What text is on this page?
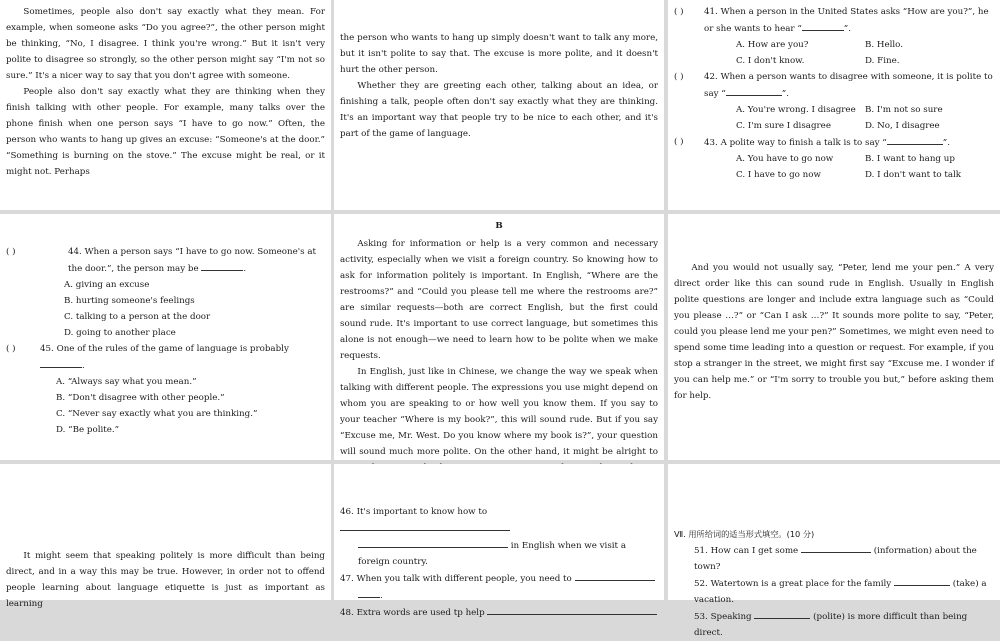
Sometimes, people also don't say exactly what they mean. For example, when someone asks “Do you agree?”, the other person might be thinking, “No, I disagree. I think you're wrong.” But it isn't very polite to disagree so strongly, so the other person might say “I'm not so sure.” It's a nicer way to say that you don't agree with someone.

People also don't say exactly what they are thinking when they finish talking with other people. For example, many talks over the phone finish when one person says “I have to go now.” Often, the person who wants to hang up gives an excuse: “Someone's at the door.” “Something is burning on the stove.” The excuse might be real, or it might not. Perhaps

the person who wants to hang up simply doesn't want to talk any more, but it isn't polite to say that. The excuse is more polite, and it doesn't hurt the other person.

Whether they are greeting each other, talking about an idea, or finishing a talk, people often don't say exactly what they are thinking. It's an important way that people try to be nice to each other, and it's part of the game of language.

( )	41. When a person in the United States asks “How are you?”, he or she wants to hear “	”.
A. How are you?	B. Hello.
C. I don't know.	D. Fine.
( )	42. When a person wants to disagree with someone, it is polite to say “	”.
A. You're wrong. I disagree	B. I'm not so sure
C. I'm sure I disagree	D. No, I disagree
( )	43. A polite way to finish a talk is to say “	”.
A. You have to go now	B. I want to hang up
C. I have to go now	D. I don't want to talk
( )	44. When a person says “I have to go now. Someone's at the door.”, the person may be	.
A. giving an excuse
B. hurting someone's feelings
C. talking to a person at the door
D. going to another place
( )	45. One of the rules of the game of language is probably .
A. “Always say what you mean.”
B. “Don't disagree with other people.”
C. “Never say exactly what you are thinking.”
D. “Be polite.”
B

Asking for information or help is a very common and necessary activity, especially when we visit a foreign country. So knowing how to ask for information politely is important. In English, “Where are the restrooms?” and “Could you please tell me where the restrooms are?” are similar requests—both are correct English, but the first could sound rude. It's important to use correct language, but sometimes this alone is not enough—we need to learn how to be polite when we make requests.

In English, just like in Chinese, we change the way we speak when talking with different people. The expressions you use might depend on whom you are speaking to or how well you know them. If you say to your teacher “Where is my book?”, this will sound rude. But if you say “Excuse me, Mr. West. Do you know where my book is?”, your question will sound much more polite. On the other hand, it might be alright to

And you would not usually say, “Peter, lend me your pen.” A very direct order like this can sound rude in English. Usually in English polite questions are longer and include extra language such as “Could you please …?” or “Can I ask …?” It sounds more polite to say, “Peter, could you please lend me your pen?” Sometimes, we might even need to spend some time leading into a question or request. For example, if you stop a stranger in the street, we might first say “Excuse me. I wonder if you can help me.” or “I'm sorry to trouble you but,” before asking them for help.

It might seem that speaking politely is more difficult than being direct, and in a way this may be true. However, in order not to offend people learning about language etiquette is just as important as learning

46. It's important to know how to
in English when we visit a foreign country.
47. When you talk with different people, you need to
.
48. Extra words are used tp help
Ⅶ. 用所给词的适当形式填空。(10 分)
51. How can I get some	(information) about the town?
52. Watertown is a great place for the family	(take) a vacation.
53. Speaking	(polite) is more difficult than being direct.
